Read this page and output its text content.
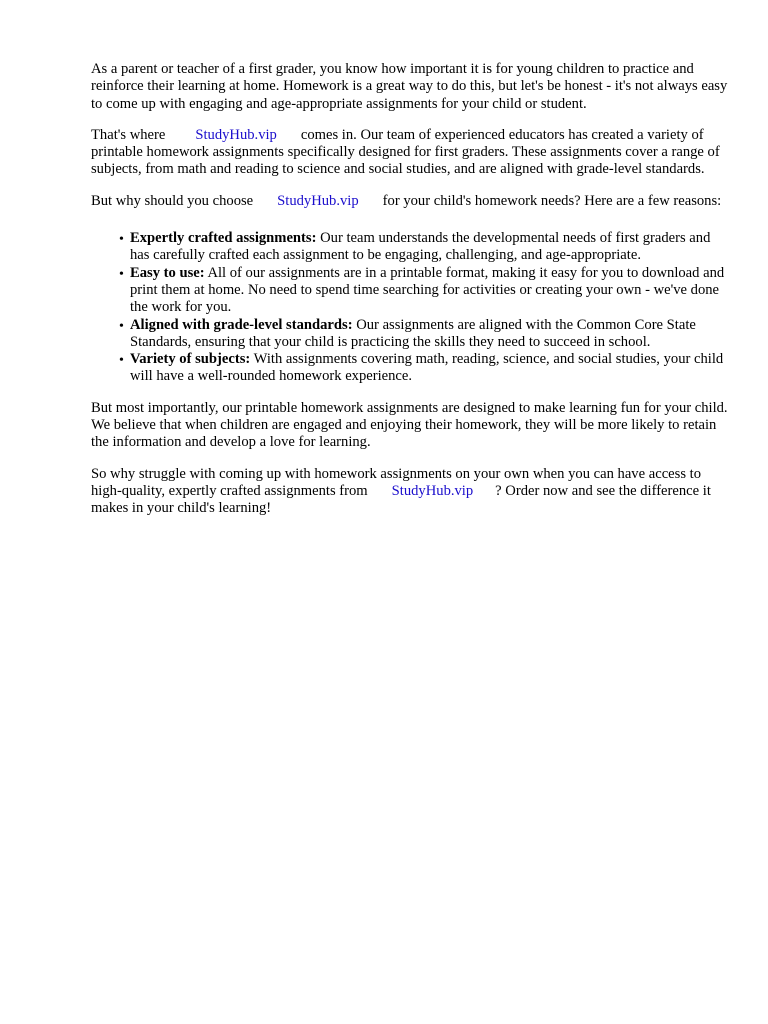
As a parent or teacher of a first grader, you know how important it is for young children to practice and reinforce their learning at home. Homework is a great way to do this, but let's be honest - it's not always easy to come up with engaging and age-appropriate assignments for your child or student.

That's where StudyHub.vip comes in. Our team of experienced educators has created a variety of printable homework assignments specifically designed for first graders. These assignments cover a range of subjects, from math and reading to science and social studies, and are aligned with grade-level standards.

But why should you choose StudyHub.vip for your child's homework needs? Here are a few reasons:

• Expertly crafted assignments: Our team understands the developmental needs of first graders and has carefully crafted each assignment to be engaging, challenging, and age-appropriate.
• Easy to use: All of our assignments are in a printable format, making it easy for you to download and print them at home. No need to spend time searching for activities or creating your own - we've done the work for you.
• Aligned with grade-level standards: Our assignments are aligned with the Common Core State Standards, ensuring that your child is practicing the skills they need to succeed in school.
• Variety of subjects: With assignments covering math, reading, science, and social studies, your child will have a well-rounded homework experience.

But most importantly, our printable homework assignments are designed to make learning fun for your child. We believe that when children are engaged and enjoying their homework, they will be more likely to retain the information and develop a love for learning.

So why struggle with coming up with homework assignments on your own when you can have access to high-quality, expertly crafted assignments from StudyHub.vip ? Order now and see the difference it makes in your child's learning!
